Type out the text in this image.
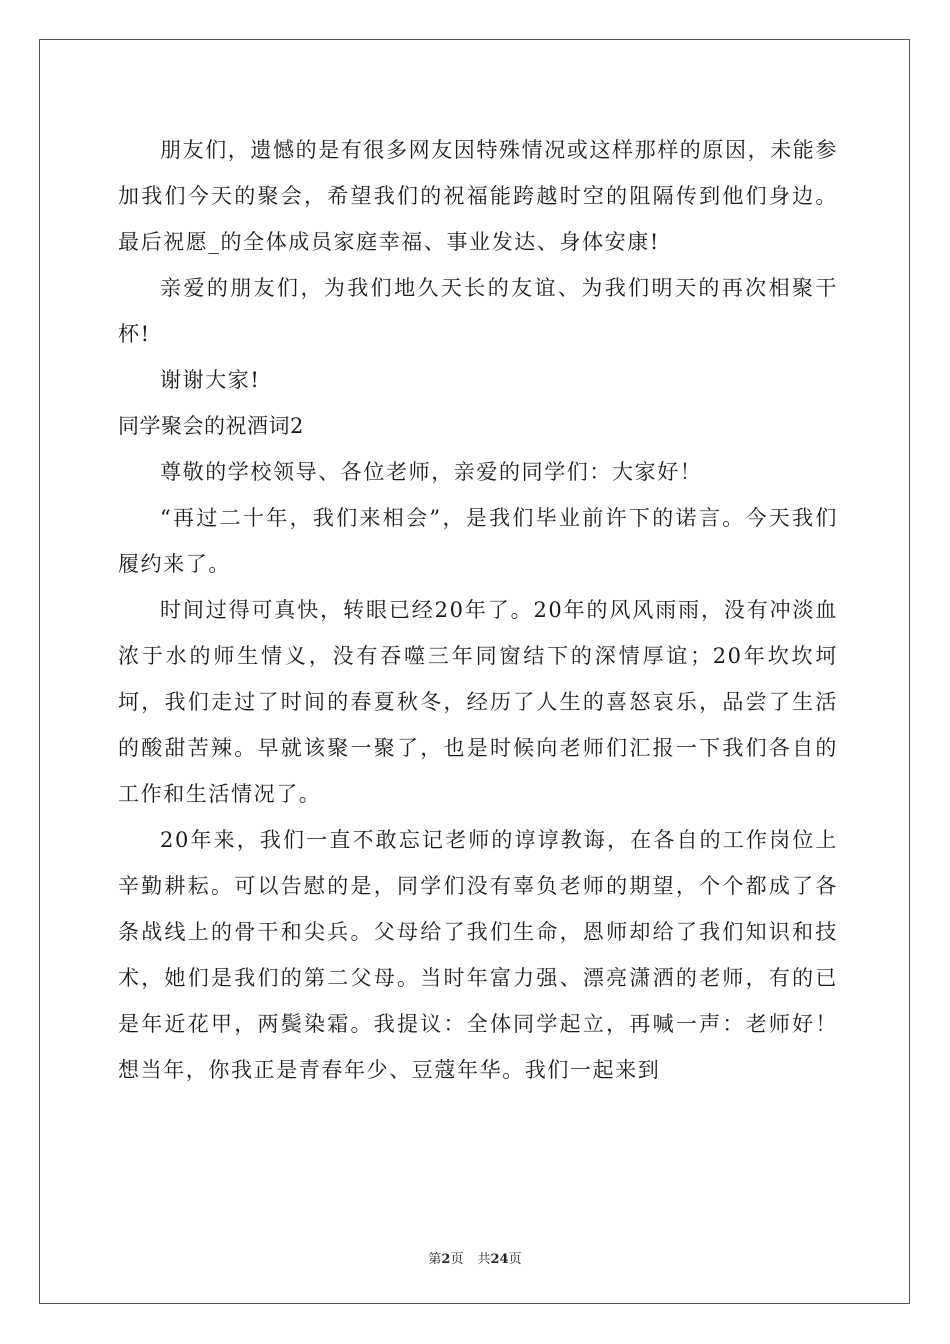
朋友们，遗憾的是有很多网友因特殊情况或这样那样的原因，未能参加我们今天的聚会，希望我们的祝福能跨越时空的阻隔传到他们身边。最后祝愿_的全体成员家庭幸福、事业发达、身体安康!

亲爱的朋友们，为我们地久天长的友谊、为我们明天的再次相聚干杯!

谢谢大家!

同学聚会的祝酒词2

尊敬的学校领导、各位老师，亲爱的同学们：大家好！

“再过二十年，我们来相会”，是我们毕业前许下的诺言。今天我们履约来了。

时间过得可真快，转眼已经20年了。20年的风风雨雨，没有冲淡血浓于水的师生情义，没有吞噬三年同窗结下的深情厚谊；20年坎坎坷坷，我们走过了时间的春夏秋冬，经历了人生的喜怒哀乐，品尝了生活的酸甜苦辣。早就该聚一聚了，也是时候向老师们汇报一下我们各自的工作和生活情况了。

20年来，我们一直不敢忘记老师的谆谆教诲，在各自的工作岗位上辛勤耕耘。可以告慰的是，同学们没有辜负老师的期望，个个都成了各条战线上的骨干和尖兵。父母给了我们生命，恩师却给了我们知识和技术，她们是我们的第二父母。当时年富力强、漂亮潇洒的老师，有的已是年近花甲，两鬓染霜。我提议：全体同学起立，再喊一声：老师好！想当年，你我正是青春年少、豆蔻年华。我们一起来到

第2页 共24页
